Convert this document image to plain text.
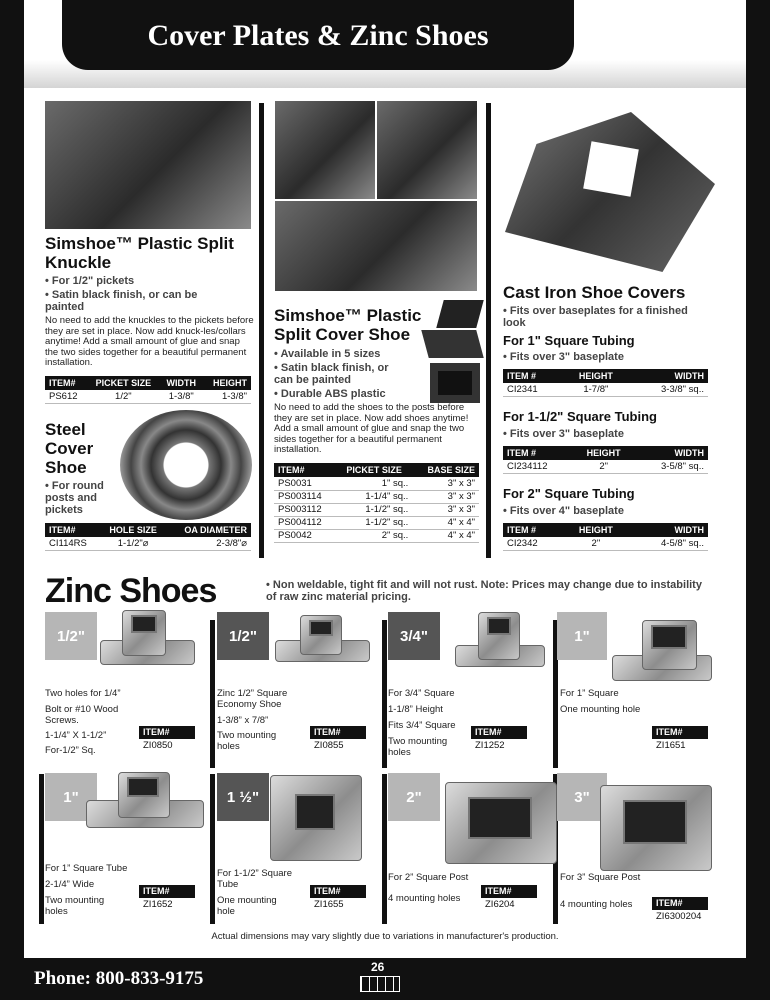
Cover Plates & Zinc Shoes
Simshoe™ Plastic Split Knuckle
• For 1/2" pickets
• Satin black finish, or can be painted
No need to add the knuckles to the pickets before they are set in place. Now add knuck-les/collars anytime! Add a small amount of glue and snap the two sides together for a beautiful permanent installation.
ITEM#	PICKET SIZE	WIDTH	HEIGHT
PS612	1/2"	1-3/8"	1-3/8"
Steel Cover Shoe
• For round posts and pickets
ITEM#	HOLE SIZE	OA DIAMETER
CI114RS	1-1/2"⌀	2-3/8"⌀
Simshoe™ Plastic Split Cover Shoe
• Available in 5 sizes
• Satin black finish, or can be painted
• Durable ABS plastic
No need to add the shoes to the posts before they are set in place. Now add shoes anytime! Add a small amount of glue and snap the two sides together for a beautiful permanent installation.
ITEM#	PICKET SIZE	BASE SIZE
PS0031	1" sq..	3" x 3"
PS003114	1-1/4" sq..	3" x 3"
PS003112	1-1/2" sq..	3" x 3"
PS004112	1-1/2" sq..	4" x 4"
PS0042	2" sq..	4" x 4"
Cast Iron Shoe Covers
• Fits over baseplates for a finished look
For 1" Square Tubing
• Fits over 3" baseplate
ITEM #	HEIGHT	WIDTH
CI2341	1-7/8"	3-3/8" sq..
For 1-1/2" Square Tubing
• Fits over 3" baseplate
ITEM #	HEIGHT	WIDTH
CI234112	2"	3-5/8" sq..
For 2" Square Tubing
• Fits over 4" baseplate
ITEM #	HEIGHT	WIDTH
CI2342	2"	4-5/8" sq..
Zinc Shoes	• Non weldable, tight fit and will not rust. Note: Prices may change due to instability of raw zinc material pricing.
1/2"
Two holes for 1/4”
Bolt or #10 Wood Screws.
1-1/4” X 1-1/2”
For-1/2” Sq.
ITEM#
ZI0850
1/2"
Zinc 1/2” Square Economy Shoe
1-3/8” x 7/8”
Two mounting holes
ITEM#
ZI0855
3/4"
For 3/4” Square
1-1/8” Height
Fits 3/4” Square
Two mounting holes
ITEM#
ZI1252
1"
For 1” Square
One mounting hole
ITEM#
ZI1651
1"
For 1” Square Tube
2-1/4” Wide
Two mounting holes
ITEM#
ZI1652
1 ½"
For 1-1/2” Square Tube
One mounting hole
ITEM#
ZI1655
2"
For 2” Square Post
4 mounting holes
ITEM#
ZI6204
3"
For 3” Square Post
4 mounting holes	ITEM#
ZI6300204
Actual dimensions may vary slightly due to variations in manufacturer's production.
Phone: 800-833-9175
26
